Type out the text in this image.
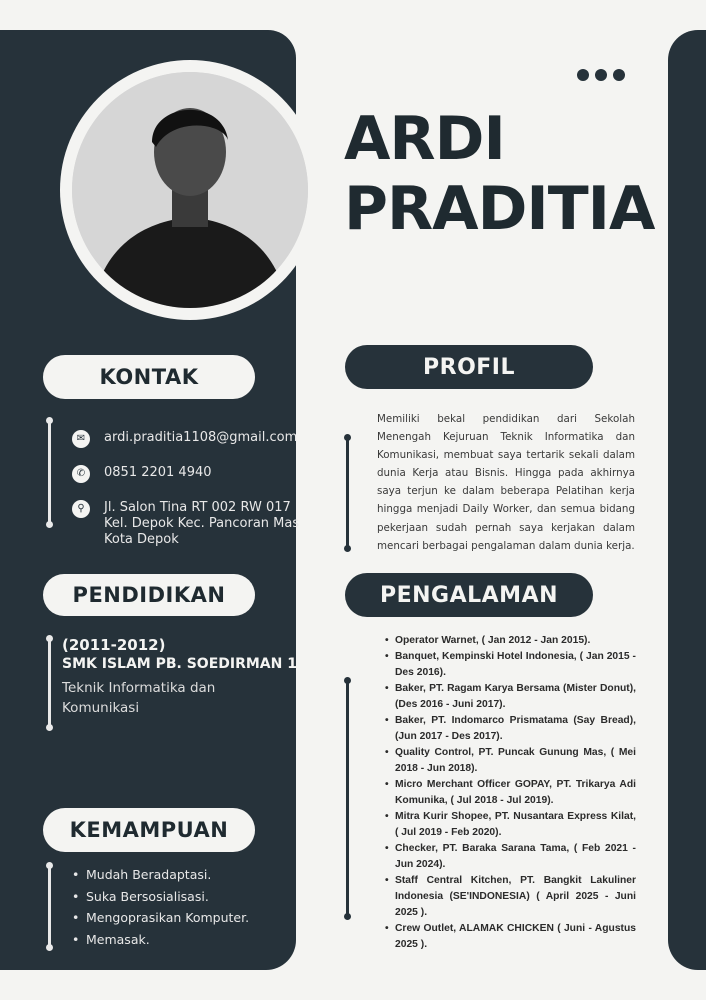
ARDI
PRADITIA
KONTAK
✉	ardi.praditia1108@gmail.com
✆	0851 2201 4940
⚲	Jl. Salon Tina RT 002 RW 017
Kel. Depok Kec. Pancoran Mas
Kota Depok
PENDIDIKAN
(2011-2012)
SMK ISLAM PB. SOEDIRMAN 1
Teknik Informatika dan
Komunikasi
KEMAMPUAN
• Mudah Beradaptasi.
• Suka Bersosialisasi.
• Mengoprasikan Komputer.
• Memasak.
PROFIL
Memiliki bekal pendidikan dari Sekolah Menengah Kejuruan Teknik Informatika dan Komunikasi, membuat saya tertarik sekali dalam dunia Kerja atau Bisnis. Hingga pada akhirnya saya terjun ke dalam beberapa Pelatihan kerja hingga menjadi Daily Worker, dan semua bidang pekerjaan sudah pernah saya kerjakan dalam mencari berbagai pengalaman dalam dunia kerja.
PENGALAMAN
• Operator Warnet, ( Jan 2012 - Jan 2015).
• Banquet, Kempinski Hotel Indonesia, ( Jan 2015 - Des 2016).
• Baker, PT. Ragam Karya Bersama (Mister Donut), (Des 2016 - Juni 2017).
• Baker, PT. Indomarco Prismatama (Say Bread), (Jun 2017 - Des 2017).
• Quality Control, PT. Puncak Gunung Mas, ( Mei 2018 - Jun 2018).
• Micro Merchant Officer GOPAY, PT. Trikarya Adi Komunika, ( Jul 2018 - Jul 2019).
• Mitra Kurir Shopee, PT. Nusantara Express Kilat, ( Jul 2019 - Feb 2020).
• Checker, PT. Baraka Sarana Tama, ( Feb 2021 - Jun 2024).
• Staff Central Kitchen, PT. Bangkit Lakuliner Indonesia (SE'INDONESIA) ( April 2025 - Juni 2025 ).
• Crew Outlet, ALAMAK CHICKEN ( Juni - Agustus 2025 ).
